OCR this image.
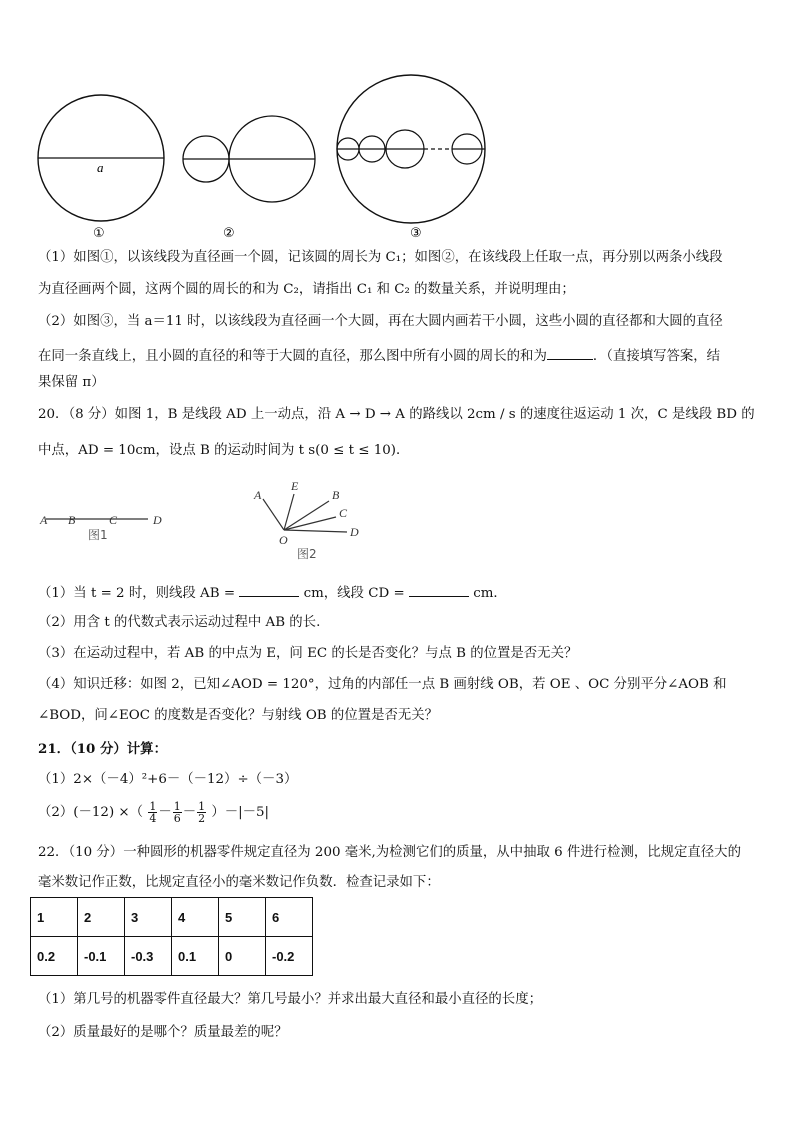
a
①	②	③
（1）如图①，以该线段为直径画一个圆，记该圆的周长为 C₁；如图②，在该线段上任取一点，再分别以两条小线段
为直径画两个圆，这两个圆的周长的和为 C₂，请指出 C₁ 和 C₂ 的数量关系，并说明理由；
（2）如图③，当 a＝11 时，以该线段为直径画一个大圆，再在大圆内画若干小圆，这些小圆的直径都和大圆的直径
在同一条直线上，且小圆的直径的和等于大圆的直径，那么图中所有小圆的周长的和为	．（直接填写答案，结
果保留 π）
20．（8 分）如图 1，B 是线段 AD 上一动点，沿 A → D → A 的路线以 2cm / s 的速度往返运动 1 次，C 是线段 BD 的
中点，AD = 10cm，设点 B 的运动时间为 t s(0 ≤ t ≤ 10)．
A B	C	D
图1
A
E
B
C
D
O
图2
（1）当 t = 2 时，则线段 AB =	cm，线段 CD =	cm．
（2）用含 t 的代数式表示运动过程中 AB 的长.
（3）在运动过程中，若 AB 的中点为 E，问 EC 的长是否变化？与点 B 的位置是否无关？
（4）知识迁移：如图 2，已知∠AOD = 120°，过角的内部任一点 B 画射线 OB，若 OE 、OC 分别平分∠AOB 和
∠BOD，问∠EOC 的度数是否变化？与射线 OB 的位置是否无关？
21．（10 分）计算：
（1）2×（－4）²+6－（－12）÷（－3）
（2）(－12) ×（ $\frac{1}{4} - \frac{1}{6} - \frac{1}{2} )-|-5|$
22．（10 分）一种圆形的机器零件规定直径为 200 毫米,为检测它们的质量，从中抽取 6 件进行检测，比规定直径大的
毫米数记作正数，比规定直径小的毫米数记作负数．检查记录如下：
1	2	3	4	5	6
0.2	-0.1	-0.3	0.1	0	-0.2
（1）第几号的机器零件直径最大？第几号最小？并求出最大直径和最小直径的长度；
（2）质量最好的是哪个？质量最差的呢？
